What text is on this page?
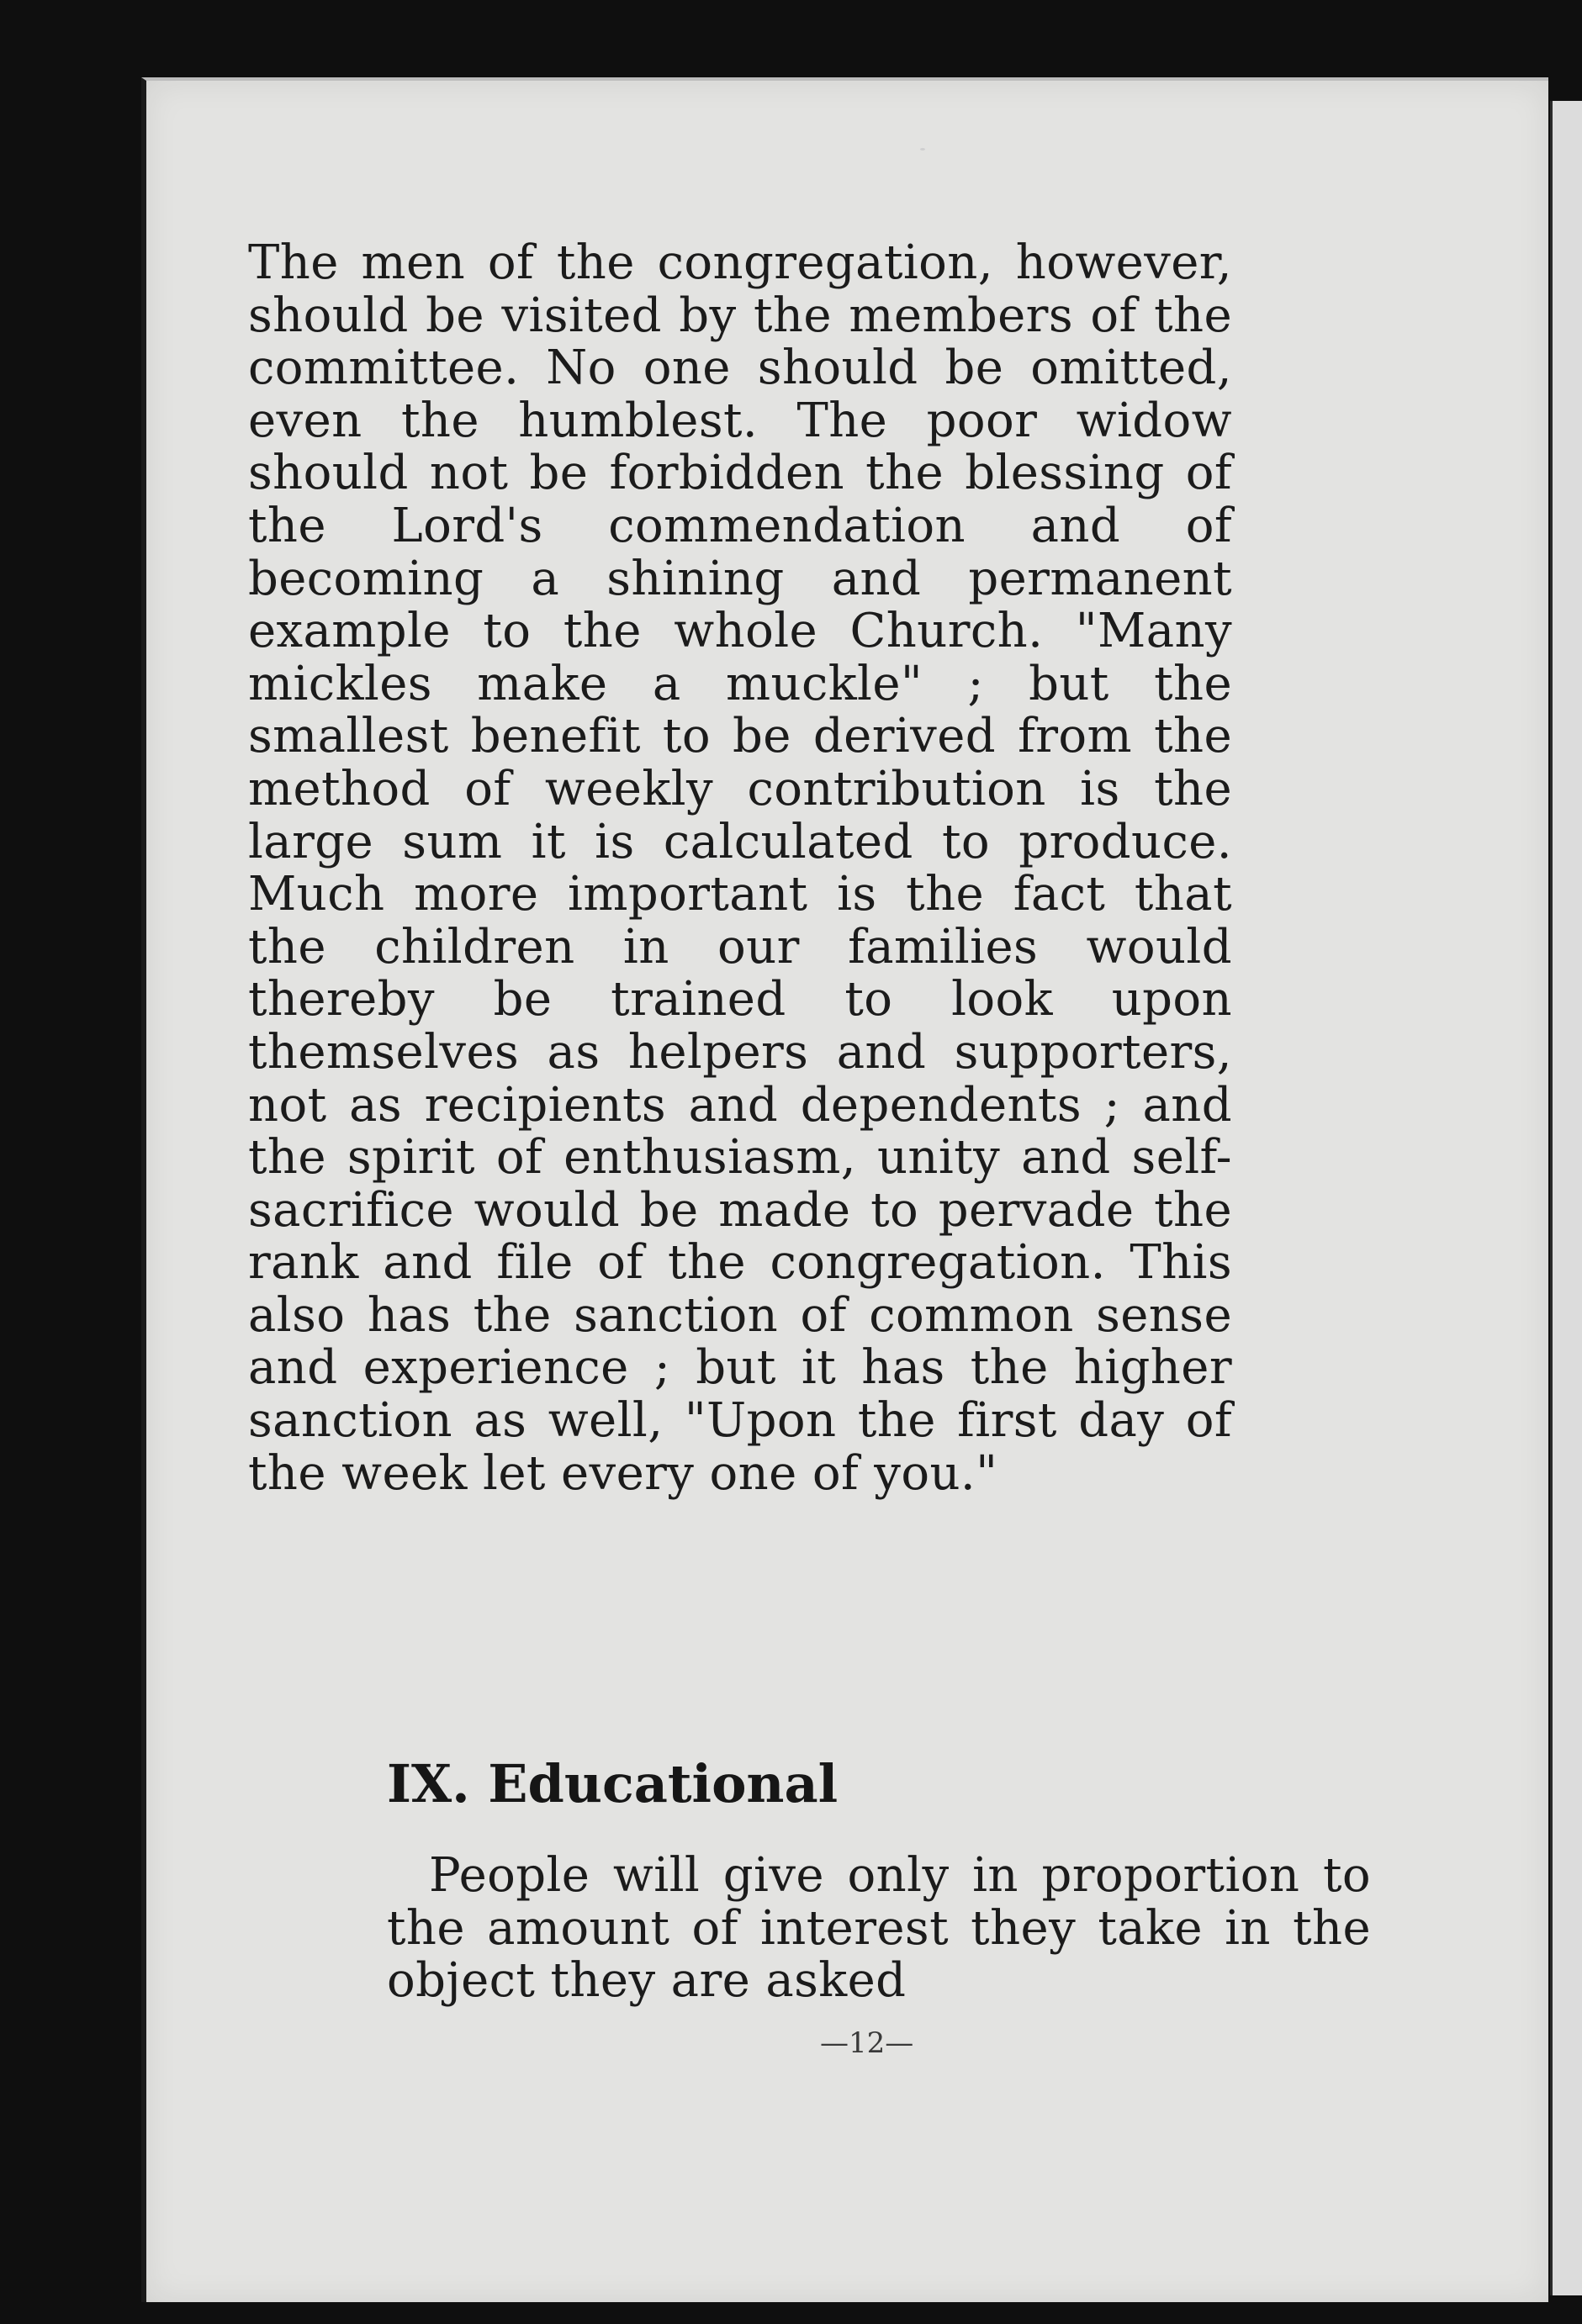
The men of the congregation, however, should be visited by the members of the committee. No one should be omitted, even the humblest. The poor widow should not be forbidden the blessing of the Lord's commendation and of becoming a shining and permanent example to the whole Church. "Many mickles make a muckle" ; but the smallest benefit to be derived from the method of weekly contribution is the large sum it is calculated to produce. Much more important is the fact that the children in our families would thereby be trained to look upon themselves as helpers and supporters, not as recipients and dependents ; and the spirit of enthusiasm, unity and self-sacrifice would be made to pervade the rank and file of the congregation. This also has the sanction of common sense and experience ; but it has the higher sanction as well, "Upon the first day of the week let every one of you."

IX. Educational

People will give only in proportion to the amount of interest they take in the object they are asked

—12—
